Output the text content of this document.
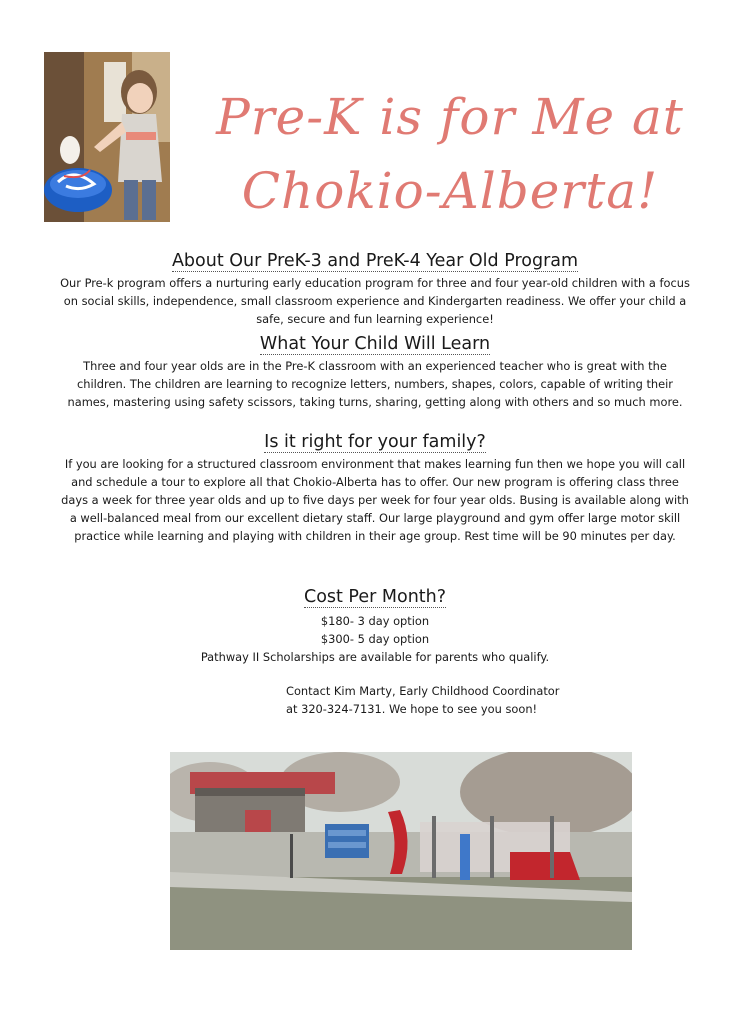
Pre-K is for Me at
Chokio-Alberta!
About Our PreK-3 and PreK-4 Year Old Program

Our Pre-k program offers a nurturing early education program for three and four year-old children with a focus on social skills, independence, small classroom experience and Kindergarten readiness. We offer your child a safe, secure and fun learning experience!

What Your Child Will Learn

Three and four year olds are in the Pre-K classroom with an experienced teacher who is great with the children. The children are learning to recognize letters, numbers, shapes, colors, capable of writing their names, mastering using safety scissors, taking turns, sharing, getting along with others and so much more.

Is it right for your family?

If you are looking for a structured classroom environment that makes learning fun then we hope you will call and schedule a tour to explore all that Chokio-Alberta has to offer. Our new program is offering class three days a week for three year olds and up to five days per week for four year olds. Busing is available along with a well-balanced meal from our excellent dietary staff. Our large playground and gym offer large motor skill practice while learning and playing with children in their age group. Rest time will be 90 minutes per day.

Cost Per Month?
$180- 3 day option
$300- 5 day option
Pathway II Scholarships are available for parents who qualify.
Contact Kim Marty, Early Childhood Coordinator
at 320-324-7131. We hope to see you soon!
